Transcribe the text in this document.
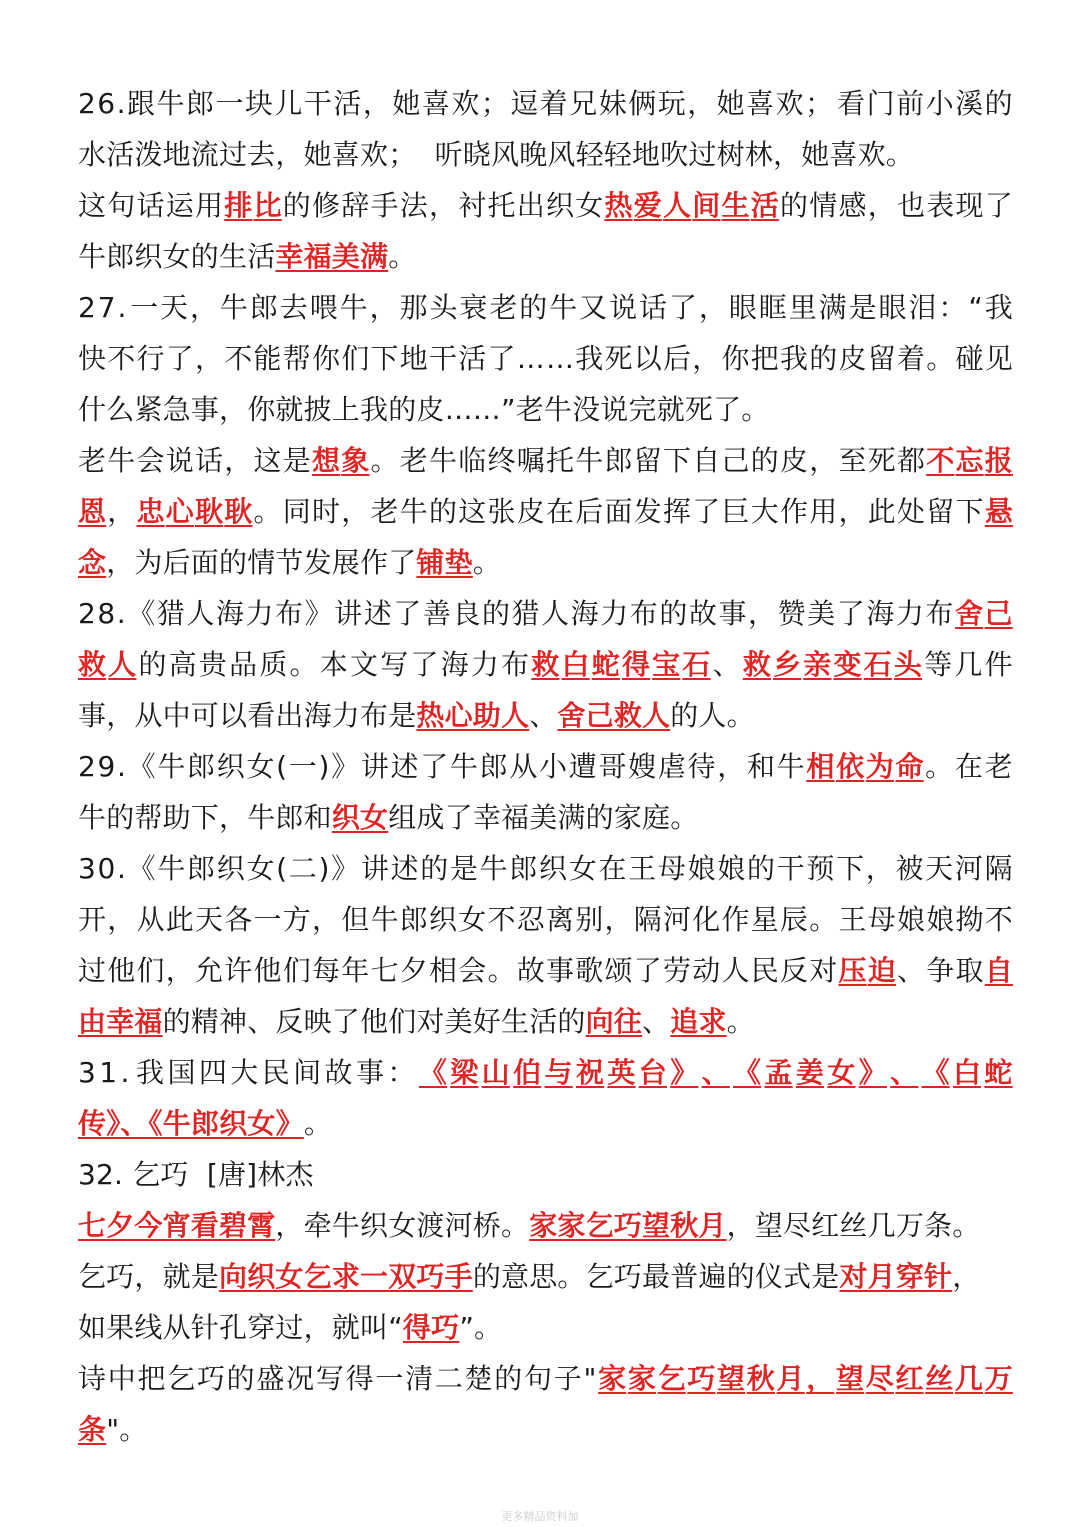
2 6 . 跟 牛 郎 一 块 儿 干 活 ， 她 喜 欢 ； 逗 着 兄 妹 俩 玩 ， 她 喜 欢 ； 看 门 前 小 溪 的
水活泼地流过去，她喜欢；  听晓风晚风轻轻地吹过树林，她喜欢。
这 句 话 运 用 排 比 的 修 辞 手 法 ， 衬 托 出 织 女 热 爱 人 间 生 活 的 情 感 ， 也 表 现 了
牛郎织女的生活 幸福美满 。
2 7 . 一 天 ， 牛 郎 去 喂 牛 ， 那 头 衰 老 的 牛 又 说 话 了 ， 眼 眶 里 满 是 眼 泪 ： “ 我
快 不 行 了 ， 不 能 帮 你 们 下 地 干 活 了 … … 我 死 以 后 ， 你 把 我 的 皮 留 着 。 碰 见
什么紧急事，你就披上我的皮……”老牛没说完就死了。
老 牛 会 说 话 ， 这 是 想 象 。 老 牛 临 终 嘱 托 牛 郎 留 下 自 己 的 皮 ， 至 死 都 不 忘 报
恩 ， 忠 心 耿 耿 。 同 时 ， 老 牛 的 这 张 皮 在 后 面 发 挥 了 巨 大 作 用 ， 此 处 留 下 悬
念 ，为后面的情节发展作了 铺垫 。
2 8 . 《 猎 人 海 力 布 》 讲 述 了 善 良 的 猎 人 海 力 布 的 故 事 ， 赞 美 了 海 力 布 舍 己
救 人 的 高 贵 品 质 。 本 文 写 了 海 力 布 救 白 蛇 得 宝 石 、 救 乡 亲 变 石 头 等 几 件
事，从中可以看出海力布是 热心助人 、 舍己救人 的人。
2 9 . 《 牛 郎 织 女 ( 一 ) 》 讲 述 了 牛 郎 从 小 遭 哥 嫂 虐 待 ， 和 牛 相 依 为 命 。 在 老
牛的帮助下，牛郎和 织女 组成了幸福美满的家庭。
3 0 . 《 牛 郎 织 女 ( 二 ) 》 讲 述 的 是 牛 郎 织 女 在 王 母 娘 娘 的 干 预 下 ， 被 天 河 隔
开 ， 从 此 天 各 一 方 ， 但 牛 郎 织 女 不 忍 离 别 ， 隔 河 化 作 星 辰 。 王 母 娘 娘 拗 不
过 他 们 ， 允 许 他 们 每 年 七 夕 相 会 。 故 事 歌 颂 了 劳 动 人 民 反 对 压 迫 、 争 取 自
由幸福 的精神、反映了他们对美好生活的 向往 、 追求 。
3 1 . 我 国 四 大 民 间 故 事 ： 《 梁 山 伯 与 祝 英 台 》 、 《 孟 姜 女 》 、 《 白 蛇
传》、《牛郎织女》 。
32. 乞巧  [唐]林杰
七夕今宵看碧霄 ，牵牛织女渡河桥。 家家乞巧望秋月 ，望尽红丝几万条。
乞巧，就是 向织女乞求一双巧手 的意思。乞巧最普遍的仪式是 对月穿针 ，
如果线从针孔穿过，就叫“ 得巧 ”。
诗 中 把 乞 巧 的 盛 况 写 得 一 清 二 楚 的 句 子 " 家 家 乞 巧 望 秋 月 ， 望 尽 红 丝 几 万
条 "。
更多精品资料加
